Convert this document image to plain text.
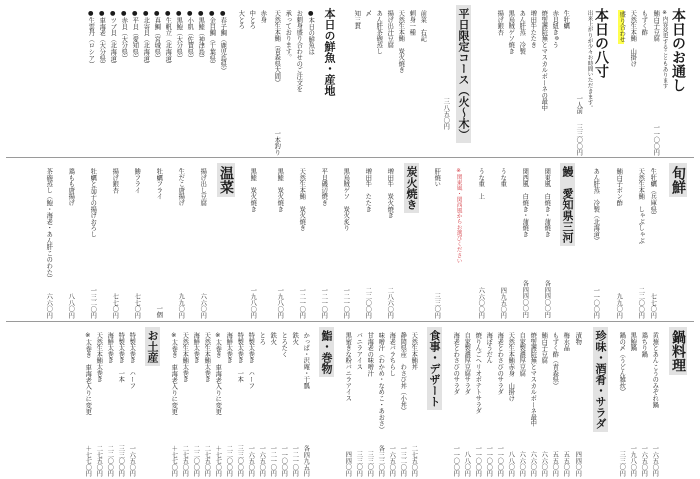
本日のお通し
※内容変更することもあります
鮪白子豆腐
一一〇〇円
もずく酢
天然生本鮪　山掛け
盛り合わせ
本日の八寸
出来上がりが少々お時間いただきます。
一人前
三三〇〇円
生牡蠣
赤貝紐きゅう
焼聖護院蕪とマスカルポーネの最中
増田牛たたき
あん肝蒸　冷製
黒鳥賊ゲソ焼き
揚げ銀杏
平日限定コース（火〜木）
三八五〇円
前菜　右記
刺身一種
天然生本鮪　炭火焼き
揚げ出汁豆腐
あん肝茶碗蒸し
〆
知三貫
本日の鮮魚・産地
●本日の鮮魚は
お刺身盛り合わせのご注文を
承っております。
天然生本鮪（青森県大間）
一本釣り
赤身
中とろ
大とろ
●春子鯛（鹿児島県）
●金目鯛（千葉県）
●黒鯥（神津島）
●小肌（佐賀県）
●黒鮑（大分県）
●生帆立（北海道）
●真鯛（宮城県）
●北寄貝（北海道）
●平貝（愛知県）
●赤貝（大分県）
●ツブ貝（北海道）
●車海老（大分県）
●生雲丹（ロシア）
旬鮮
生牡蠣（兵庫県）
七七〇円
天然生本鮪　しゃぶしゃぶ
二二〇〇円
鮪白子ポン酢
九九〇円
あん肝蒸　冷製（北海道）
一一〇〇円
鰻　愛知県三河
関東風　白焼き・蒲焼き
各四四〇〇円
関西風　白焼き・蒲焼き
各四四〇〇円
うな重
四九五〇円
うな重　上
六六〇〇円
※関東風・関西風からお選びください
肝焼い
三三〇円
炭火焼き
増田牛　炭火焼き
二八六〇円
増田牛　たたき
二二〇〇円
黒鳥賊ゲソ　炭火炙り
一二一〇円
平貝磯辺焼き
一二一〇円
天然生本鮪　炭火焼き
一二一〇円
黒鯥　炭火焼き
一九八〇円
黒鯥　炭火焼き
一九八〇円
温菜
揚げ出し豆腐
六六〇円
生だこ唐揚げ
九九〇円
牡蠣フライ
一個
鯵フライ
七七〇円
揚げ銀杏
七七〇円
牡蠣と茄子の揚げおろし
一三二〇円
鶏もも唐揚げ
八八〇円
茶碗蒸し（鮑・海老・あん肝このわた）
六六〇円
鍋料理
黄蕪とあんこうのみぞれ鍋
一六五〇円
鶏ちり鍋
一六五〇円
黒鮑鍋
一九八〇円
鍋の〆（うどん雑炊）
三三〇円
珍味・酒肴・サラダ
漬物
四四〇円
梅水晶
五五〇円
もずく酢（青森県）
五五〇円
鮪白子豆腐
六六〇円
焼聖護院蕪とマスカルポーネ最中
六六〇円
自家製濃厚豆腐
六六〇円
天然生本鮪赤身　山掛け
八八〇円
海老とわさびのサラダ
一一〇〇円
海ぼうだん
一一〇〇円
焼りんごヘリオポテトサラダ
一一〇〇円
自家製濃厚豆腐サラダ
八八〇円
海老とわさびのサラダ
一一〇〇円
食事・デザート
天然生本鮪丼
二七五〇円
静岡県産　わさび丼（小丼）
一三二〇円
海老バラちらし
一六五〇円
味噌汁（わかめ・なめこ・あおさ）
各三三〇円
甘海老の味噌汁
三三〇円
バニラアイス
三三〇円
黒蜜きな粉バニラアイス
四四〇円
鮨・巻物
かっぱ・沢庵・干瓢
各四九五円
鉄火
一二一〇円
とろたく
一一〇〇円
鉄火
一二一〇円
とろ
一六五〇円
特製太巻き　ハーフ
一六五〇円
特製太巻き　一本
三三〇〇円
海鮮太巻き
二二〇〇円
※太巻き　車海老入りに変更
＋七七〇円
天然生本鮪太巻き
二七五〇円
海鮮太巻き
二二〇〇円
天然生本鮪太巻き
二七五〇円
※太巻き　車海老入りに変更
＋七七〇円
お土産
特製太巻き　ハーフ
一六五〇円
特製太巻き　一本
三三〇〇円
海鮮太巻き
二二〇〇円
天然生本鮪太巻き
二七五〇円
※太巻き　車海老入りに変更
＋七七〇円
